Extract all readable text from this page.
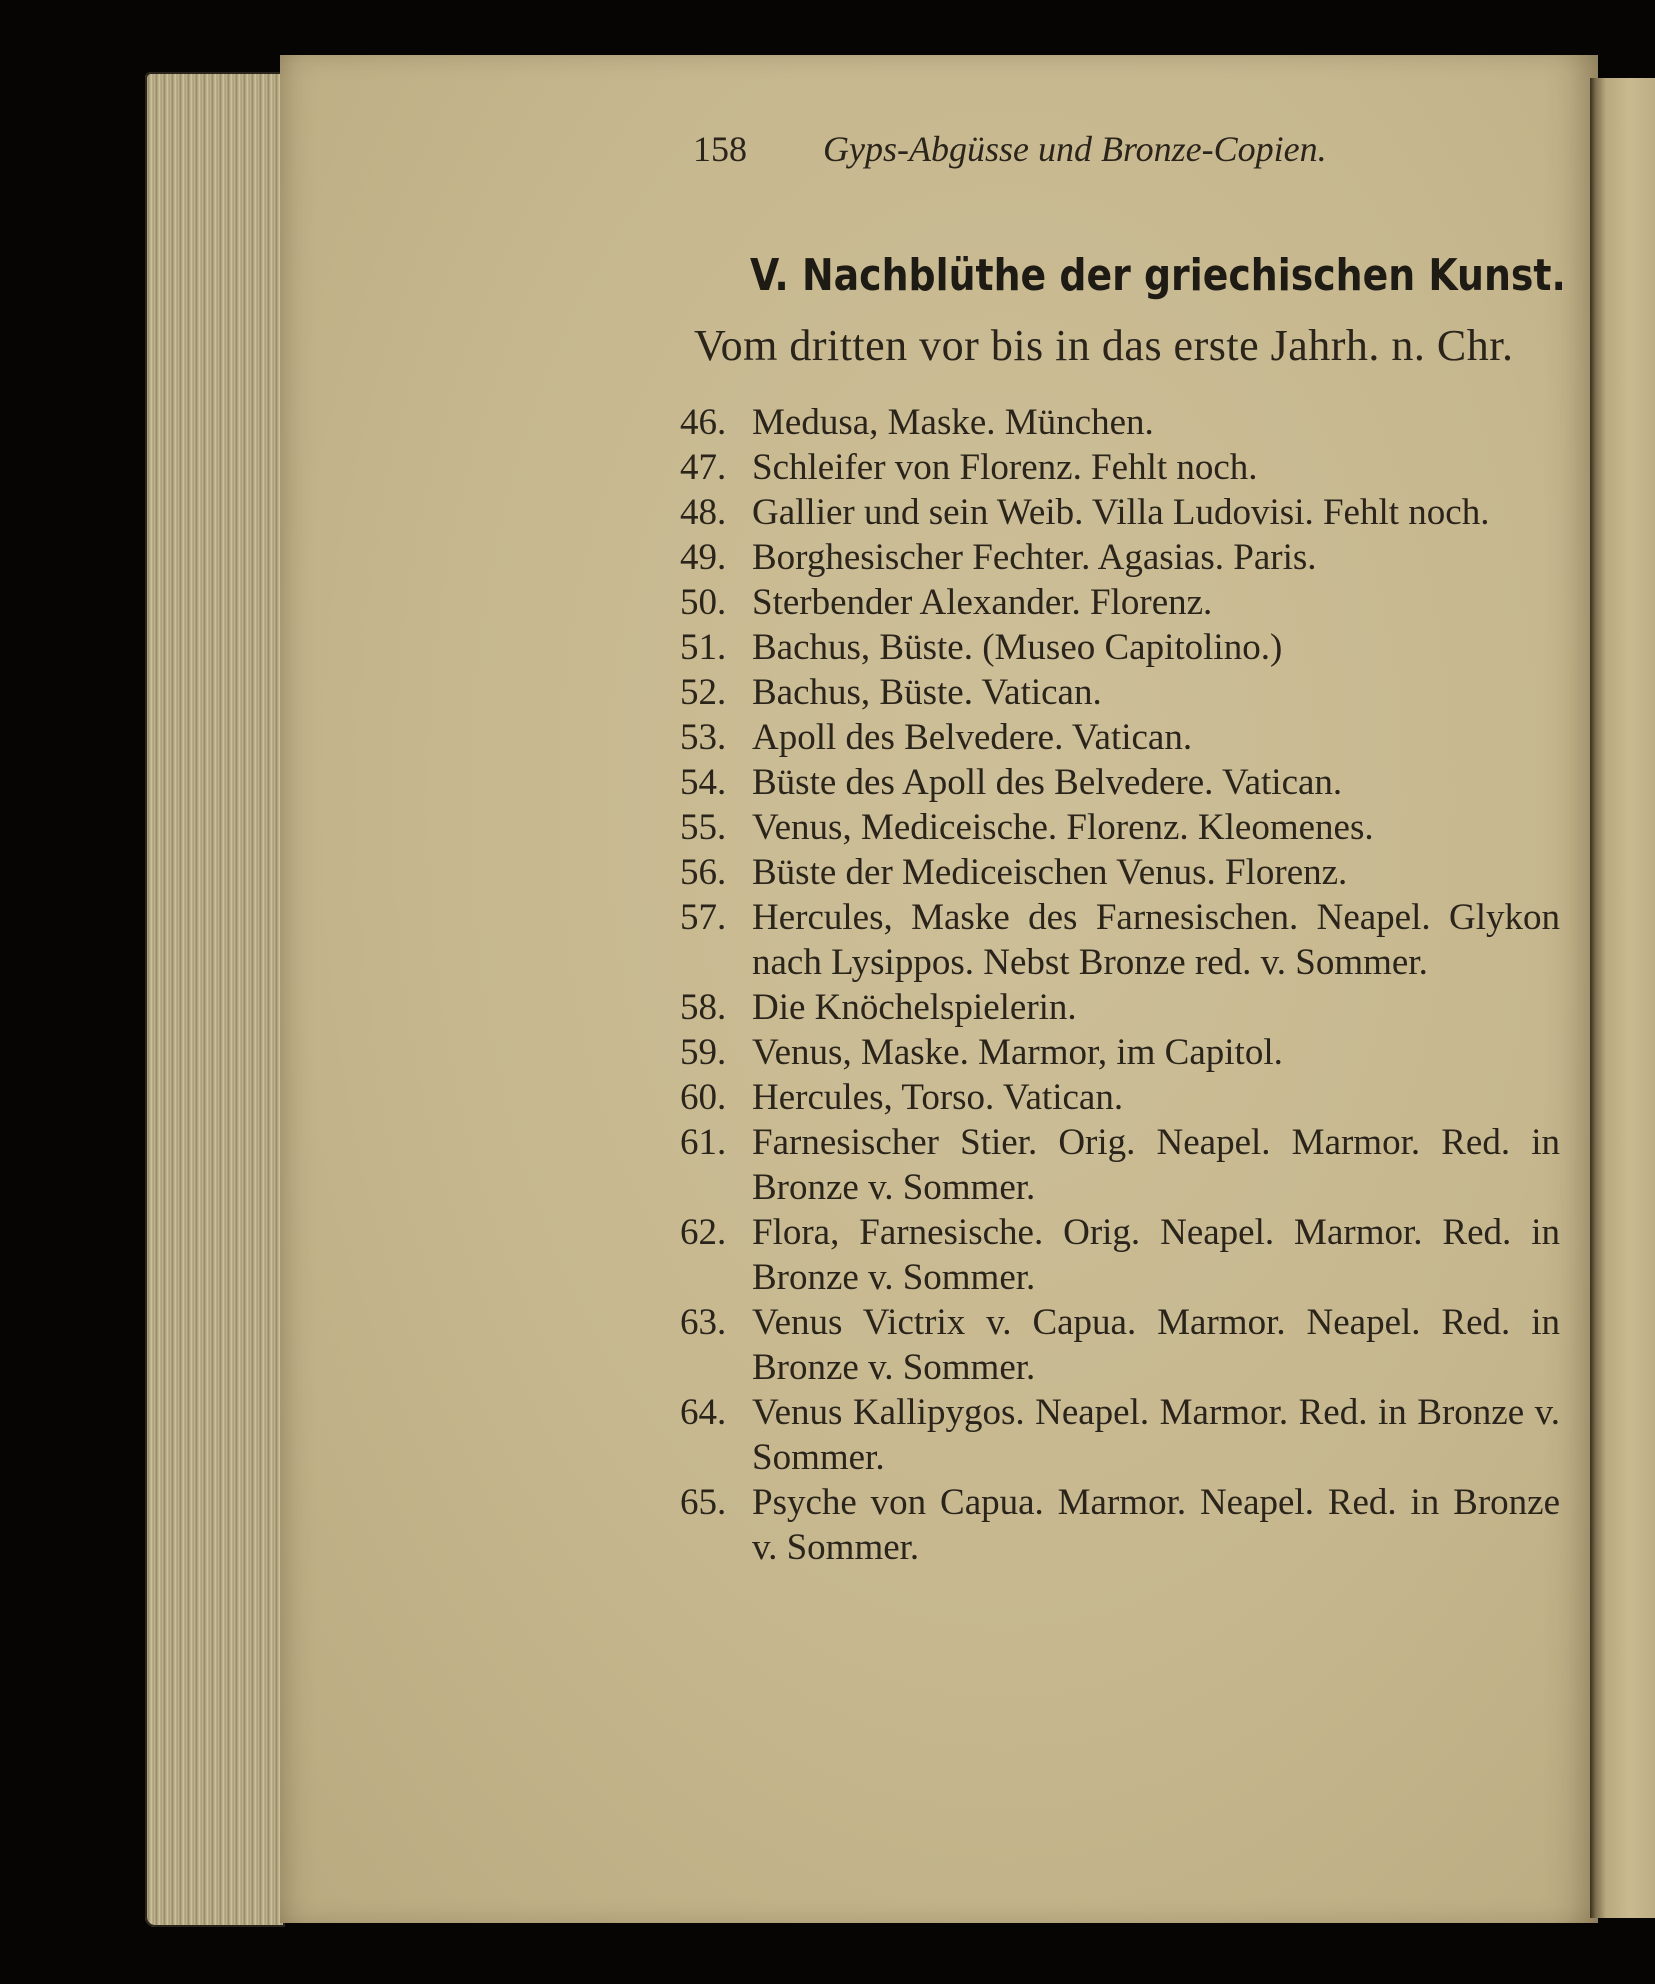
158 Gyps-Abgüsse und Bronze-Copien.
V. Nachblüthe der griechischen Kunst.
Vom dritten vor bis in das erste Jahrh. n. Chr.
46. Medusa, Maske. München.
47. Schleifer von Florenz. Fehlt noch.
48. Gallier und sein Weib. Villa Ludovisi. Fehlt noch.
49. Borghesischer Fechter. Agasias. Paris.
50. Sterbender Alexander. Florenz.
51. Bachus, Büste. (Museo Capitolino.)
52. Bachus, Büste. Vatican.
53. Apoll des Belvedere. Vatican.
54. Büste des Apoll des Belvedere. Vatican.
55. Venus, Mediceische. Florenz. Kleomenes.
56. Büste der Mediceischen Venus. Florenz.
57. Hercules, Maske des Farnesischen. Neapel. Glykon nach Lysippos. Nebst Bronze red. v. Sommer.
58. Die Knöchelspielerin.
59. Venus, Maske. Marmor, im Capitol.
60. Hercules, Torso. Vatican.
61. Farnesischer Stier. Orig. Neapel. Marmor. Red. in Bronze v. Sommer.
62. Flora, Farnesische. Orig. Neapel. Marmor. Red. in Bronze v. Sommer.
63. Venus Victrix v. Capua. Marmor. Neapel. Red. in Bronze v. Sommer.
64. Venus Kallipygos. Neapel. Marmor. Red. in Bronze v. Sommer.
65. Psyche von Capua. Marmor. Neapel. Red. in Bronze v. Sommer.
